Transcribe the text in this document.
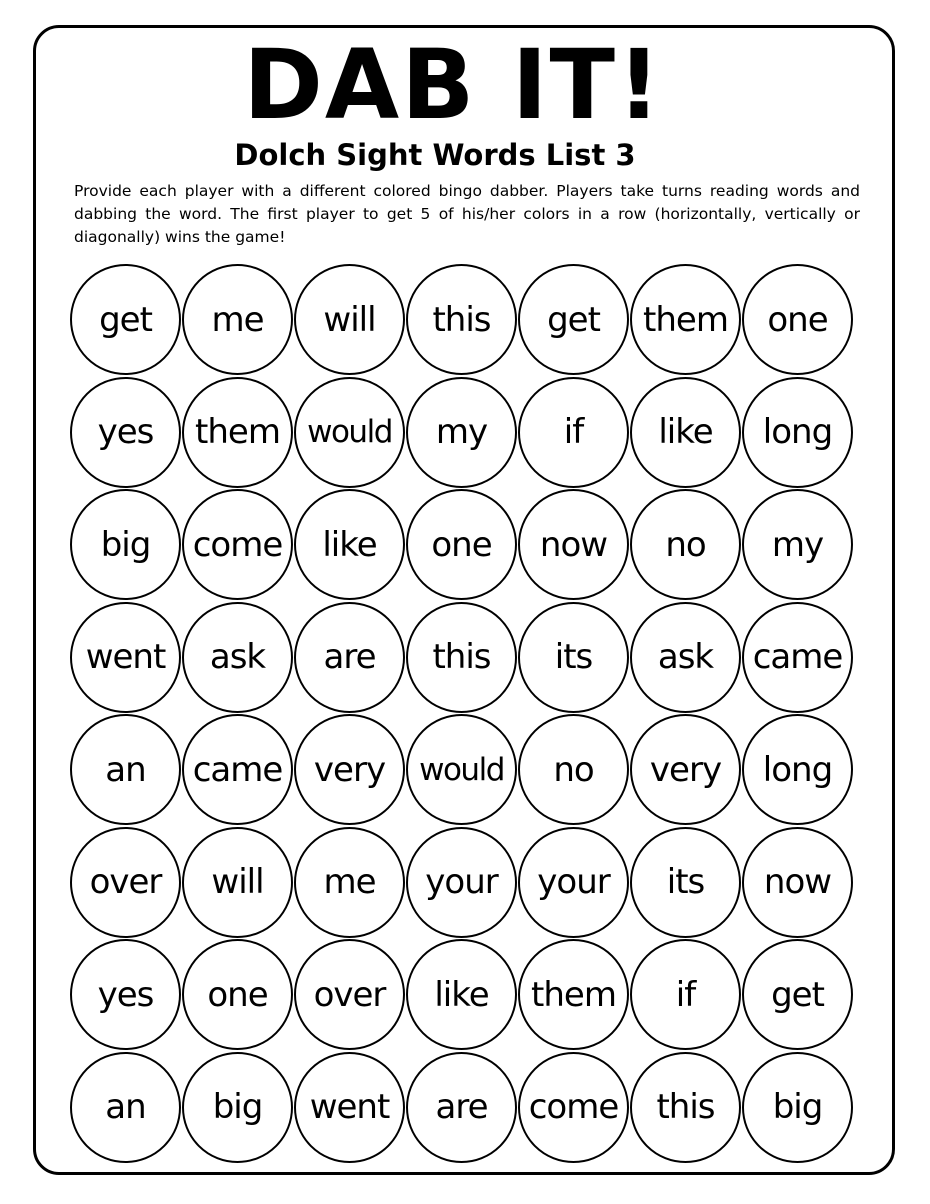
DAB IT!
Dolch Sight Words List 3

Provide each player with a different colored bingo dabber. Players take turns reading words and dabbing the word. The first player to get 5 of his/her colors in a row (horizontally, vertically or diagonally) wins the game!

get me will this get them one
yes them would my if like long
big come like one now no my
went ask are this its ask came
an came very would no very long
over will me your your its now
yes one over like them if get
an big went are come this big
